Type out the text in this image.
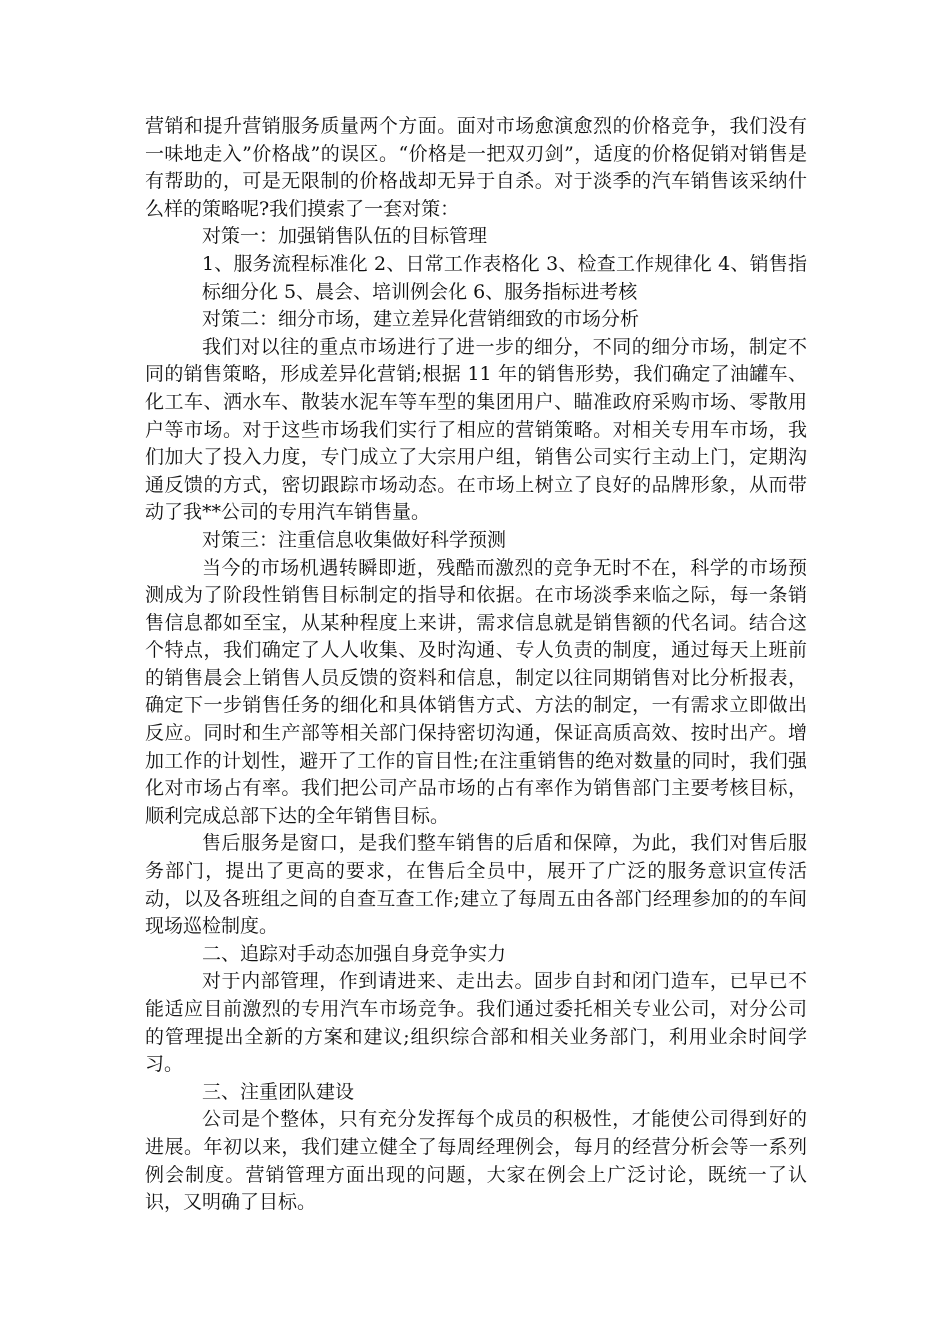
营销和提升营销服务质量两个方面。面对市场愈演愈烈的价格竞争，我们没有一味地走入”价格战”的误区。“价格是一把双刃剑”，适度的价格促销对销售是有帮助的，可是无限制的价格战却无异于自杀。对于淡季的汽车销售该采纳什么样的策略呢?我们摸索了一套对策：

对策一：加强销售队伍的目标管理

1、服务流程标准化 2、日常工作表格化 3、检查工作规律化 4、销售指标细分化 5、晨会、培训例会化 6、服务指标进考核

对策二：细分市场，建立差异化营销细致的市场分析

我们对以往的重点市场进行了进一步的细分，不同的细分市场，制定不同的销售策略，形成差异化营销;根据 11 年的销售形势，我们确定了油罐车、化工车、洒水车、散装水泥车等车型的集团用户、瞄准政府采购市场、零散用户等市场。对于这些市场我们实行了相应的营销策略。对相关专用车市场，我们加大了投入力度，专门成立了大宗用户组，销售公司实行主动上门，定期沟通反馈的方式，密切跟踪市场动态。在市场上树立了良好的品牌形象，从而带动了我**公司的专用汽车销售量。

对策三：注重信息收集做好科学预测

当今的市场机遇转瞬即逝，残酷而激烈的竞争无时不在，科学的市场预测成为了阶段性销售目标制定的指导和依据。在市场淡季来临之际，每一条销售信息都如至宝，从某种程度上来讲，需求信息就是销售额的代名词。结合这个特点，我们确定了人人收集、及时沟通、专人负责的制度，通过每天上班前的销售晨会上销售人员反馈的资料和信息，制定以往同期销售对比分析报表，确定下一步销售任务的细化和具体销售方式、方法的制定，一有需求立即做出反应。同时和生产部等相关部门保持密切沟通，保证高质高效、按时出产。增加工作的计划性，避开了工作的盲目性;在注重销售的绝对数量的同时，我们强化对市场占有率。我们把公司产品市场的占有率作为销售部门主要考核目标，顺利完成总部下达的全年销售目标。

售后服务是窗口，是我们整车销售的后盾和保障，为此，我们对售后服务部门，提出了更高的要求，在售后全员中，展开了广泛的服务意识宣传活动，以及各班组之间的自查互查工作;建立了每周五由各部门经理参加的的车间现场巡检制度。

二、追踪对手动态加强自身竞争实力

对于内部管理，作到请进来、走出去。固步自封和闭门造车，已早已不能适应目前激烈的专用汽车市场竞争。我们通过委托相关专业公司，对分公司的管理提出全新的方案和建议;组织综合部和相关业务部门，利用业余时间学习。

三、注重团队建设

公司是个整体，只有充分发挥每个成员的积极性，才能使公司得到好的进展。年初以来，我们建立健全了每周经理例会，每月的经营分析会等一系列例会制度。营销管理方面出现的问题，大家在例会上广泛讨论，既统一了认识，又明确了目标。
